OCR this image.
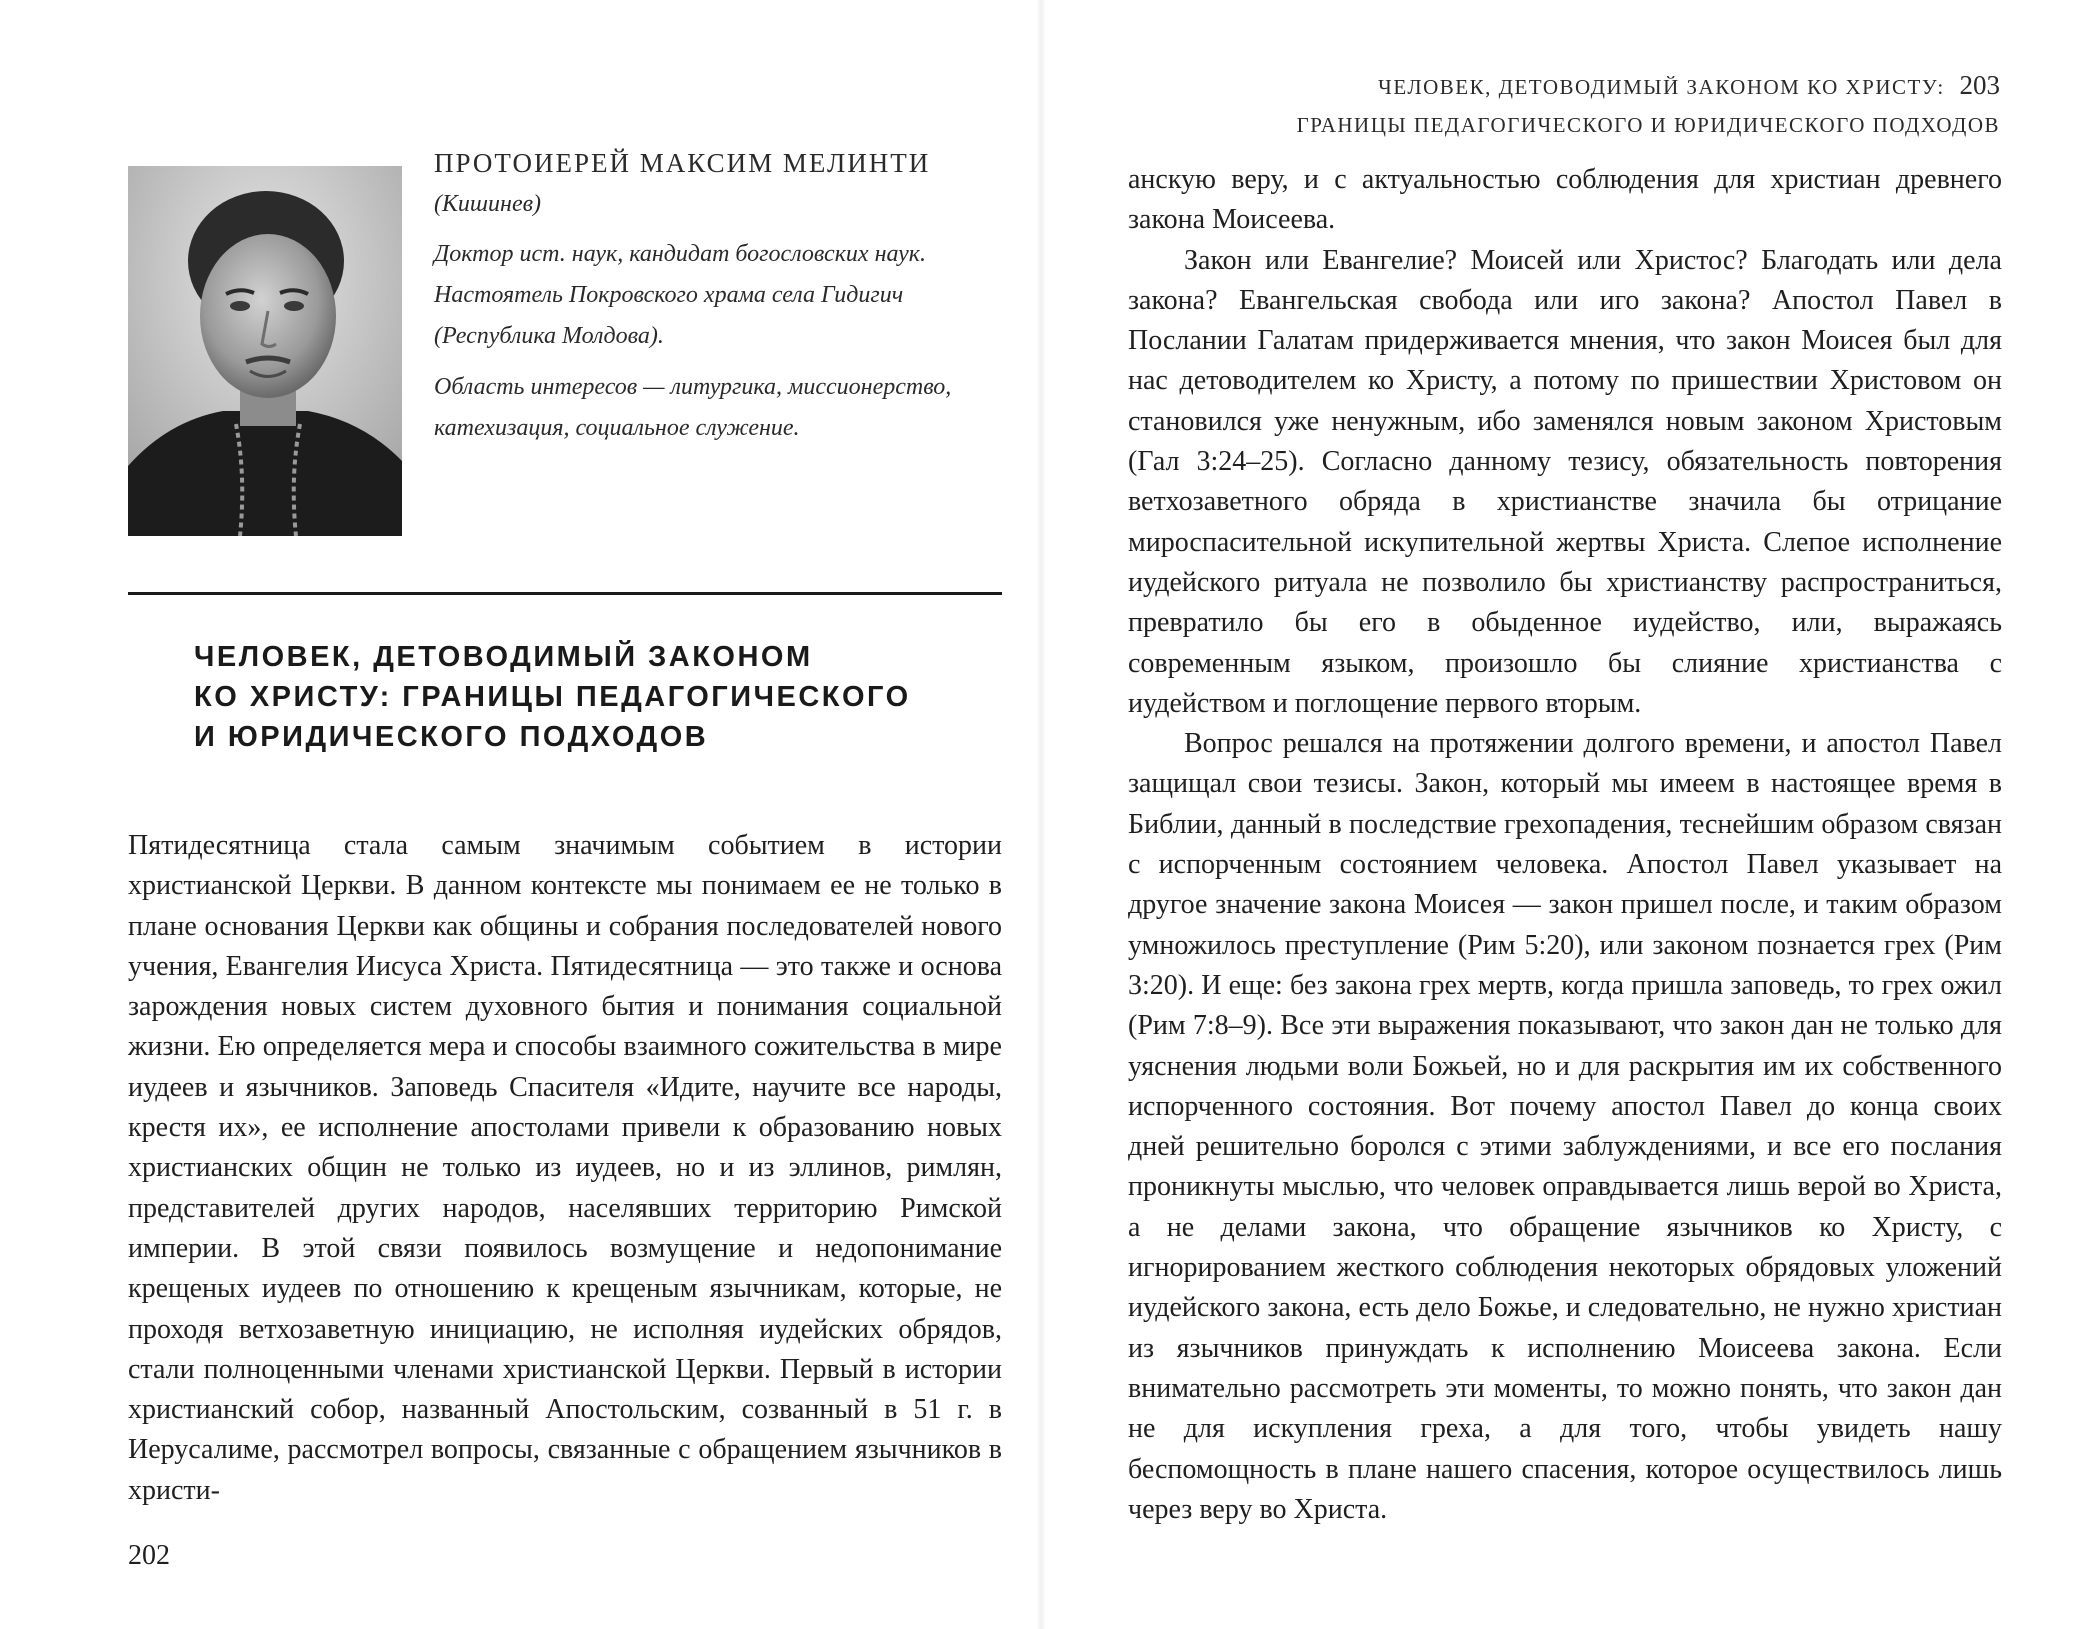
ПРОТОИЕРЕЙ МАКСИМ МЕЛИНТИ
(Кишинев)
Доктор ист. наук, кандидат богословских наук. Настоятель Покровского храма села Гидигич (Республика Молдова).
Область интересов — литургика, миссионерство, катехизация, социальное служение.
ЧЕЛОВЕК, ДЕТОВОДИМЫЙ ЗАКОНОМ
КО ХРИСТУ: ГРАНИЦЫ ПЕДАГОГИЧЕСКОГО
И ЮРИДИЧЕСКОГО ПОДХОДОВ

Пятидесятница стала самым значимым событием в истории христианской Церкви. В данном контексте мы понимаем ее не только в плане основания Церкви как общины и собрания последователей нового учения, Евангелия Иисуса Христа. Пятидесятница — это также и основа зарождения новых систем духовного бытия и понимания социальной жизни. Ею определяется мера и способы взаимного сожительства в мире иудеев и язычников. Заповедь Спасителя «Идите, научите все народы, крестя их», ее исполнение апостолами привели к образованию новых христианских общин не только из иудеев, но и из эллинов, римлян, представителей других народов, населявших территорию Римской империи. В этой связи появилось возмущение и недопонимание крещеных иудеев по отношению к крещеным язычникам, которые, не проходя ветхозаветную инициацию, не исполняя иудейских обрядов, стали полноценными членами христианской Церкви. Первый в истории христианский собор, названный Апостольским, созванный в 51 г. в Иерусалиме, рассмотрел вопросы, связанные с обращением язычников в христи-

202
ЧЕЛОВЕК, ДЕТОВОДИМЫЙ ЗАКОНОМ КО ХРИСТУ: 203
ГРАНИЦЫ ПЕДАГОГИЧЕСКОГО И ЮРИДИЧЕСКОГО ПОДХОДОВ

анскую веру, и с актуальностью соблюдения для христиан древнего закона Моисеева.

Закон или Евангелие? Моисей или Христос? Благодать или дела закона? Евангельская свобода или иго закона? Апостол Павел в Послании Галатам придерживается мнения, что закон Моисея был для нас детоводителем ко Христу, а потому по пришествии Христовом он становился уже ненужным, ибо заменялся новым законом Христовым (Гал 3:24–25). Согласно данному тезису, обязательность повторения ветхозаветного обряда в христианстве значила бы отрицание мироспасительной искупительной жертвы Христа. Слепое исполнение иудейского ритуала не позволило бы христианству распространиться, превратило бы его в обыденное иудейство, или, выражаясь современным языком, произошло бы слияние христианства с иудейством и поглощение первого вторым.

Вопрос решался на протяжении долгого времени, и апостол Павел защищал свои тезисы. Закон, который мы имеем в настоящее время в Библии, данный в последствие грехопадения, теснейшим образом связан с испорченным состоянием человека. Апостол Павел указывает на другое значение закона Моисея — закон пришел после, и таким образом умножилось преступление (Рим 5:20), или законом познается грех (Рим 3:20). И еще: без закона грех мертв, когда пришла заповедь, то грех ожил (Рим 7:8–9). Все эти выражения показывают, что закон дан не только для уяснения людьми воли Божьей, но и для раскрытия им их собственного испорченного состояния. Вот почему апостол Павел до конца своих дней решительно боролся с этими заблуждениями, и все его послания проникнуты мыслью, что человек оправдывается лишь верой во Христа, а не делами закона, что обращение язычников ко Христу, с игнорированием жесткого соблюдения некоторых обрядовых уложений иудейского закона, есть дело Божье, и следовательно, не нужно христиан из язычников принуждать к исполнению Моисеева закона. Если внимательно рассмотреть эти моменты, то можно понять, что закон дан не для искупления греха, а для того, чтобы увидеть нашу беспомощность в плане нашего спасения, которое осуществилось лишь через веру во Христа.
